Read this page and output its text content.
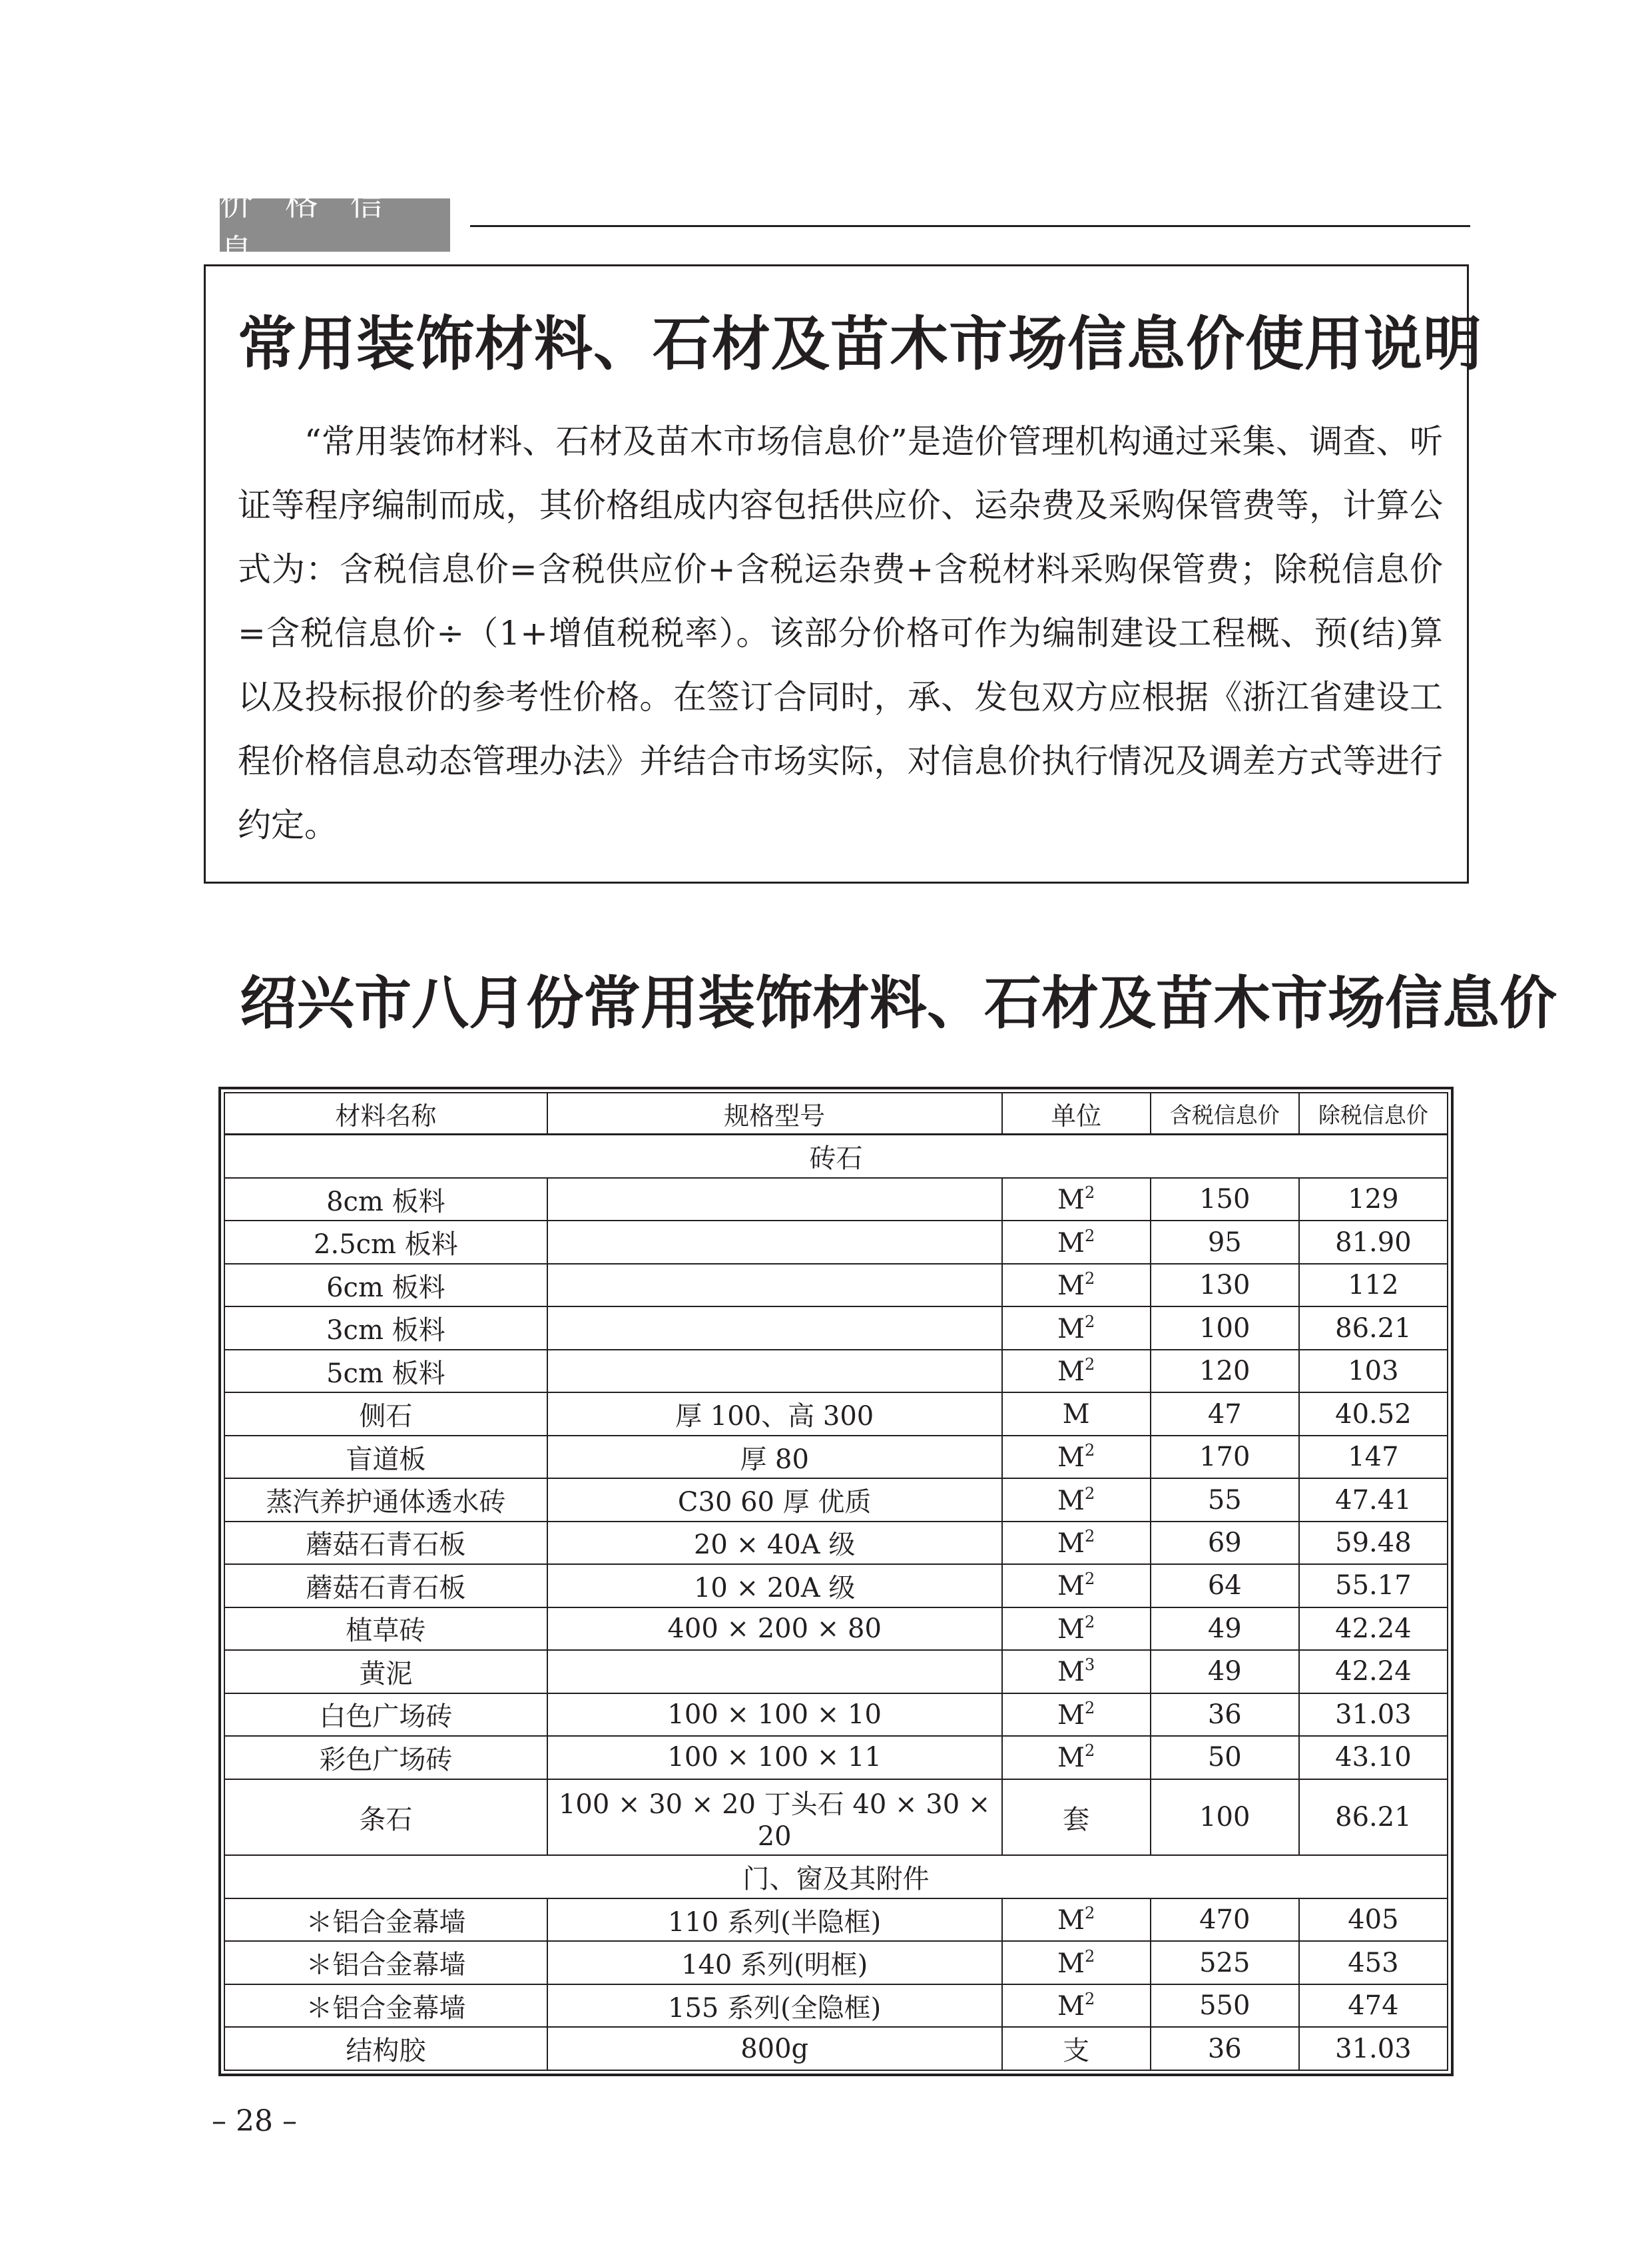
价 格 信 息
常用装饰材料、石材及苗木市场信息价使用说明

“常用装饰材料、石材及苗木市场信息价”是造价管理机构通过采集、调查、听证等程序编制而成，其价格组成内容包括供应价、运杂费及采购保管费等，计算公式为：含税信息价=含税供应价+含税运杂费+含税材料采购保管费；除税信息价=含税信息价÷（1+增值税税率）。该部分价格可作为编制建设工程概、预(结)算以及投标报价的参考性价格。在签订合同时，承、发包双方应根据《浙江省建设工程价格信息动态管理办法》并结合市场实际，对信息价执行情况及调差方式等进行约定。

绍兴市八月份常用装饰材料、石材及苗木市场信息价
材料名称	规格型号	单位	含税信息价	除税信息价
砖石				
8cm 板料		$M^2$	150	129
2.5cm 板料		$M^2$	95	81.90
6cm 板料		$M^2$	130	112
3cm 板料		$M^2$	100	86.21
5cm 板料		$M^2$	120	103
侧石	厚 100、高 300	M	47	40.52
盲道板	厚 80	$M^2$	170	147
蒸汽养护通体透水砖	C30 60 厚 优质	$M^2$	55	47.41
蘑菇石青石板	20 × 40A 级	$M^2$	69	59.48
蘑菇石青石板	10 × 20A 级	$M^2$	64	55.17
植草砖	400 × 200 × 80	$M^2$	49	42.24
黄泥		$M^3$	49	42.24
白色广场砖	100 × 100 × 10	$M^2$	36	31.03
彩色广场砖	100 × 100 × 11	$M^2$	50	43.10
条石	100 × 30 × 20 丁头石 40 × 30 × 20	套	100	86.21
门、窗及其附件				
＊铝合金幕墙	110 系列(半隐框)	$M^2$	470	405
＊铝合金幕墙	140 系列(明框)	$M^2$	525	453
＊铝合金幕墙	155 系列(全隐框)	$M^2$	550	474
结构胶	800g	支	36	31.03
– 28 –
